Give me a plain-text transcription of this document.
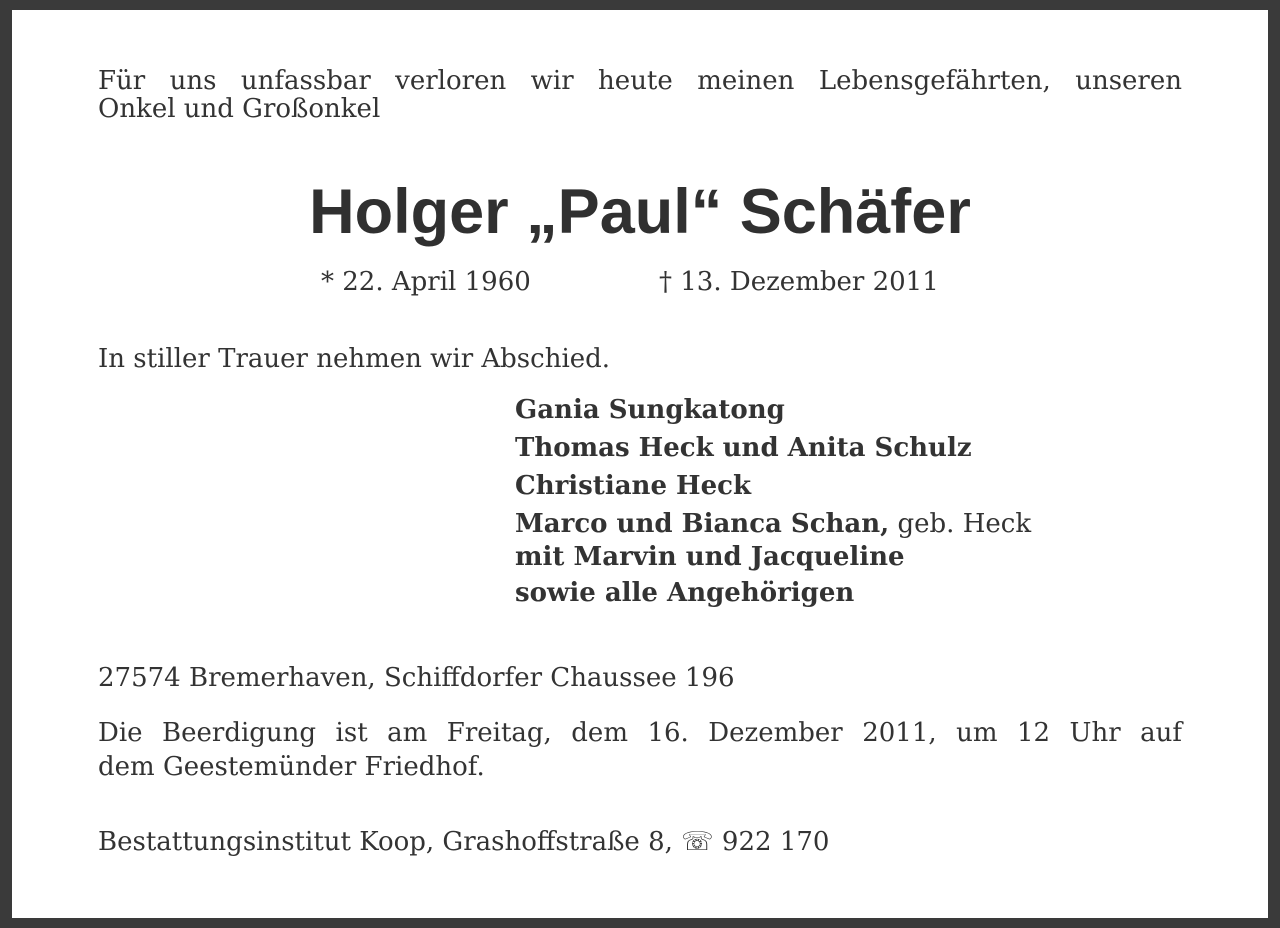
Für uns unfassbar verloren wir heute meinen Lebensgefährten, unseren
Onkel und Großonkel
Holger „Paul“ Schäfer
* 22. April 1960	† 13. Dezember 2011
In stiller Trauer nehmen wir Abschied.
Gania Sungkatong
Thomas Heck und Anita Schulz
Christiane Heck
Marco und Bianca Schan, geb. Heck
mit Marvin und Jacqueline
sowie alle Angehörigen
27574 Bremerhaven, Schiffdorfer Chaussee 196
Die Beerdigung ist am Freitag, dem 16. Dezember 2011, um 12 Uhr auf
dem Geestemünder Friedhof.
Bestattungsinstitut Koop, Grashoffstraße 8, ☏ 922 170
